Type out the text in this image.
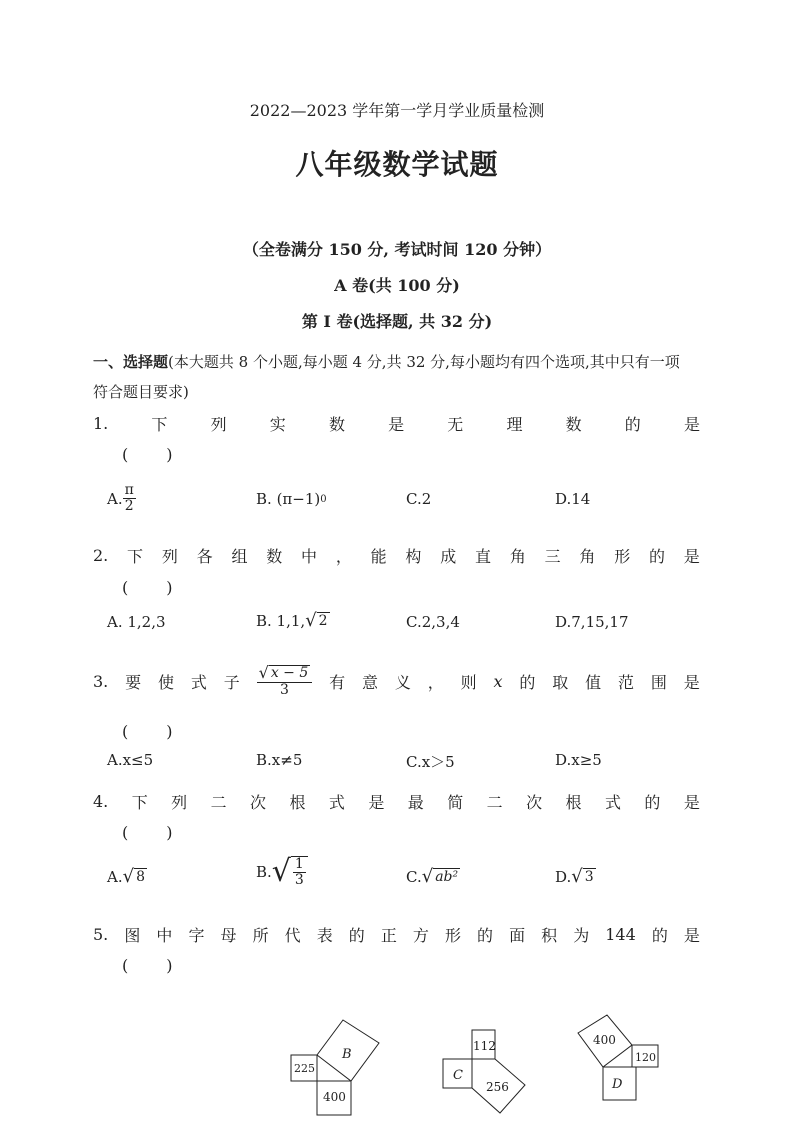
2022—2023 学年第一学月学业质量检测
八年级数学试题
（全卷满分 150 分, 考试时间 120 分钟）
A 卷(共 100 分)
第 Ⅰ 卷(选择题, 共 32 分)
一、选择题(本大题共 8 个小题,每小题 4 分,共 32 分,每小题均有四个选项,其中只有一项
符合题目要求)
1.	下	列	实	数	是	无	理	数	的	是
(　　)
A. $\frac{\pi}{2}$	B.
(π−1) 0	C.2	D.14
2. 下 列 各 组 数 中 ， 能 构 成 直 角 三 角 形 的 是
(　　)
A. 1,2,3	B. 1,1, √ 2	C.2,3,4	D.7,15,17
3. 要 使 式 子 $\frac{√ x - 5}{3}$ 有 意 义 ， 则 x 的 取 值 范 围 是
(　　)
A.x≤5	B.x≠5	C.x＞5	D.x≥5
4. 下 列 二 次 根 式 是 最 简 二 次 根 式 的 是
(　　)
A. √ 8	B. √ $\frac{1}{3}$	C. √ ab²	D. √ 3
5. 图 中 字 母 所 代 表 的 正 方 形 的 面 积 为 144 的 是
(　　)
225
B
400
112
C
256
400
120
D
